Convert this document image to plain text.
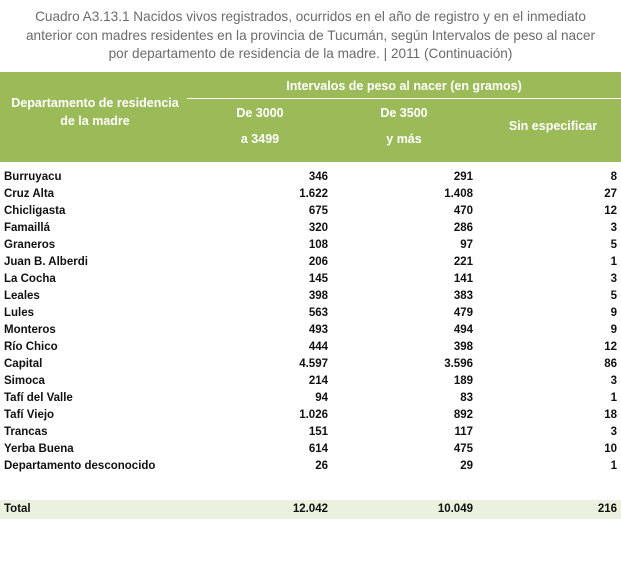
Cuadro A3.13.1 Nacidos vivos registrados, ocurridos en el año de registro y en el inmediato
anterior con madres residentes en la provincia de Tucumán, según Intervalos de peso al nacer
por departamento de residencia de la madre. | 2011 (Continuación)
Departamento de residencia
de la madre
Intervalos de peso al nacer (en gramos)
De 3000
a 3499
De 3500
y más
Sin especificar
Burruyacu	346	291	8
Cruz Alta	1.622	1.408	27
Chicligasta	675	470	12
Famaillá	320	286	3
Graneros	108	97	5
Juan B. Alberdi	206	221	1
La Cocha	145	141	3
Leales	398	383	5
Lules	563	479	9
Monteros	493	494	9
Río Chico	444	398	12
Capital	4.597	3.596	86
Simoca	214	189	3
Tafí del Valle	94	83	1
Tafí Viejo	1.026	892	18
Trancas	151	117	3
Yerba Buena	614	475	10
Departamento desconocido	26	29	1
Total	12.042	10.049	216
